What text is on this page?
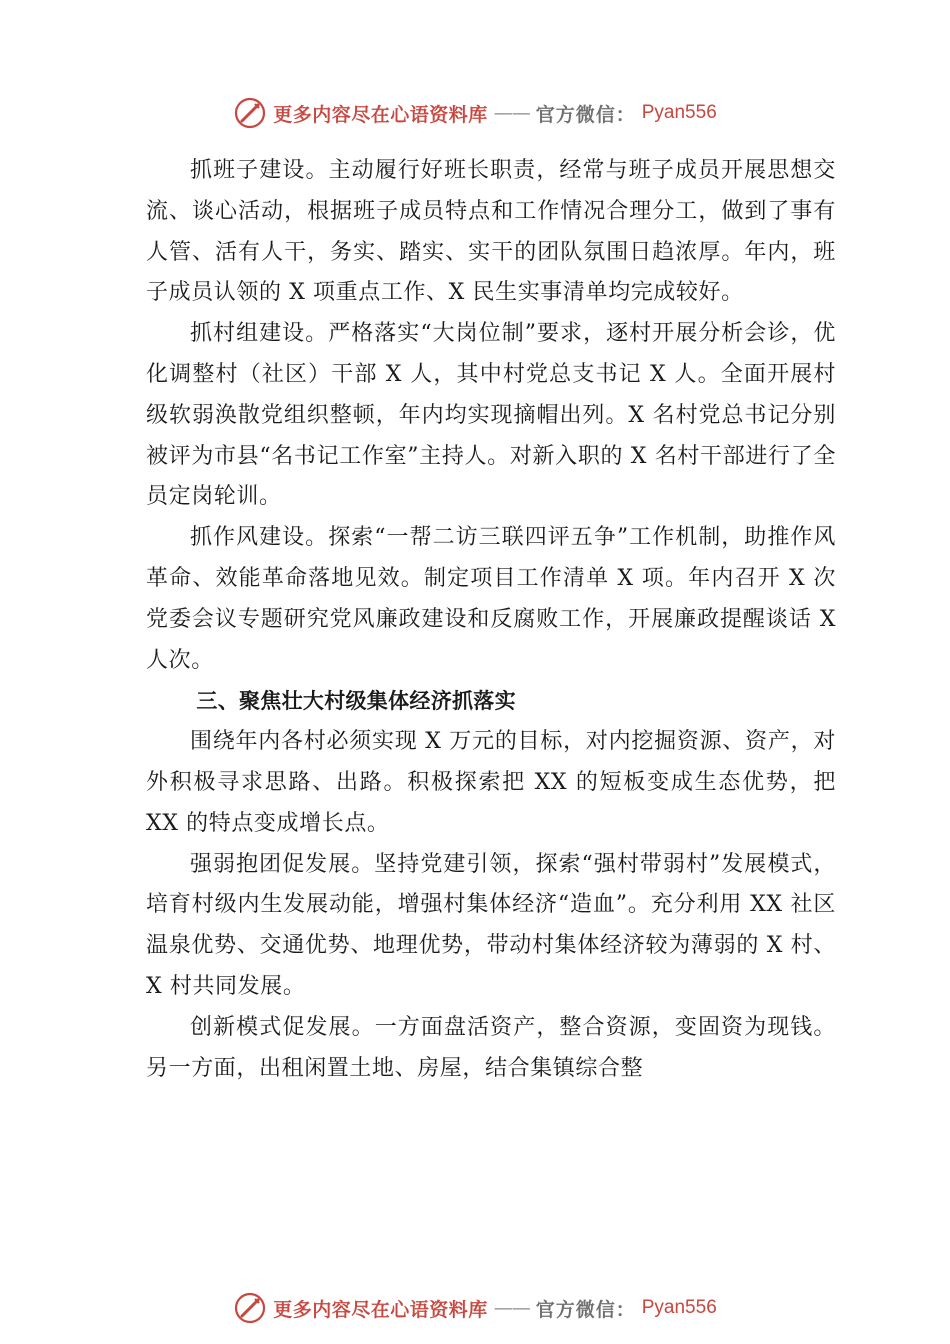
更多内容尽在心语资料库 —— 官方微信： Pyan556

抓班子建设。主动履行好班长职责，经常与班子成员开展思想交流、谈心活动，根据班子成员特点和工作情况合理分工，做到了事有人管、活有人干，务实、踏实、实干的团队氛围日趋浓厚。年内，班子成员认领的 X 项重点工作、X 民生实事清单均完成较好。

抓村组建设。严格落实“大岗位制”要求，逐村开展分析会诊，优化调整村（社区）干部 X 人，其中村党总支书记 X 人。全面开展村级软弱涣散党组织整顿，年内均实现摘帽出列。X 名村党总书记分别被评为市县“名书记工作室”主持人。对新入职的 X 名村干部进行了全员定岗轮训。

抓作风建设。探索“一帮二访三联四评五争”工作机制，助推作风革命、效能革命落地见效。制定项目工作清单 X 项。年内召开 X 次党委会议专题研究党风廉政建设和反腐败工作，开展廉政提醒谈话 X 人次。

三、聚焦壮大村级集体经济抓落实

围绕年内各村必须实现 X 万元的目标，对内挖掘资源、资产，对外积极寻求思路、出路。积极探索把 XX 的短板变成生态优势，把 XX 的特点变成增长点。

强弱抱团促发展。坚持党建引领，探索“强村带弱村”发展模式，培育村级内生发展动能，增强村集体经济“造血”。充分利用 XX 社区温泉优势、交通优势、地理优势，带动村集体经济较为薄弱的 X 村、X 村共同发展。

创新模式促发展。一方面盘活资产，整合资源，变固资为现钱。另一方面，出租闲置土地、房屋，结合集镇综合整

更多内容尽在心语资料库 —— 官方微信： Pyan556
